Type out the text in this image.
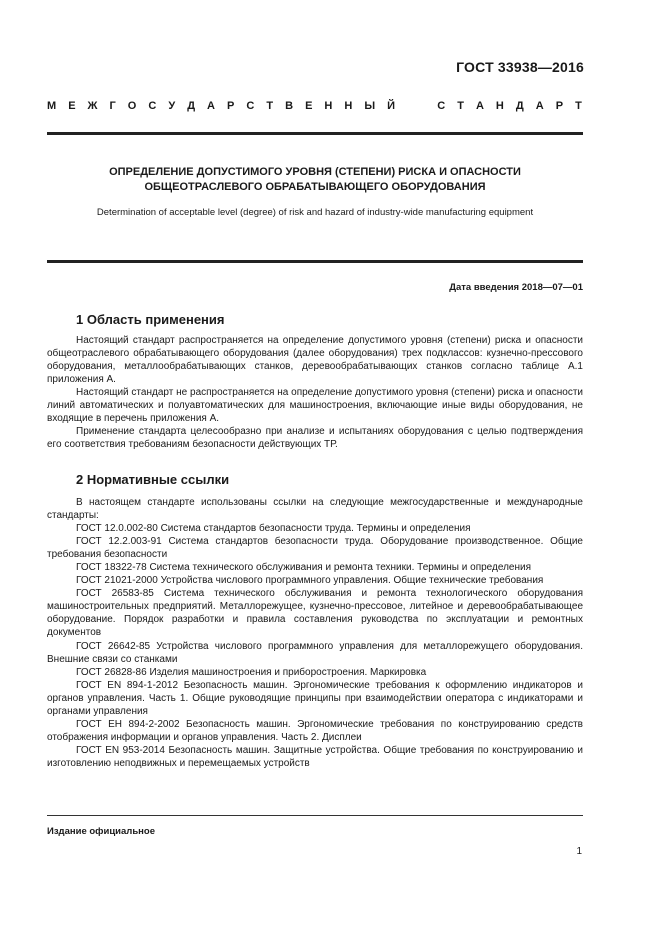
ГОСТ 33938—2016
М Е Ж Г О С У Д А Р С Т В Е Н Н Ы Й

	С Т А Н Д А Р Т
ОПРЕДЕЛЕНИЕ ДОПУСТИМОГО УРОВНЯ (СТЕПЕНИ) РИСКА И ОПАСНОСТИ
ОБЩЕОТРАСЛЕВОГО ОБРАБАТЫВАЮЩЕГО ОБОРУДОВАНИЯ
Determination of acceptable level (degree) of risk and hazard of industry-wide manufacturing equipment
Дата введения 2018—07—01
1 Область применения

Настоящий стандарт распространяется на определение допустимого уровня (степени) риска и опасности общеотраслевого обрабатывающего оборудования (далее оборудования) трех подклассов: кузнечно-прессового оборудования, металлообрабатывающих станков, деревообрабатывающих станков согласно таблице А.1 приложения А.

Настоящий стандарт не распространяется на определение допустимого уровня (степени) риска и опасности линий автоматических и полуавтоматических для машиностроения, включающие иные виды оборудования, не входящие в перечень приложения А.

Применение стандарта целесообразно при анализе и испытаниях оборудования с целью подтверждения его соответствия требованиям безопасности действующих ТР.

2 Нормативные ссылки

В настоящем стандарте использованы ссылки на следующие межгосударственные и международные стандарты:

ГОСТ 12.0.002-80 Система стандартов безопасности труда. Термины и определения

ГОСТ 12.2.003-91 Система стандартов безопасности труда. Оборудование производственное. Общие требования безопасности

ГОСТ 18322-78 Система технического обслуживания и ремонта техники. Термины и определения

ГОСТ 21021-2000 Устройства числового программного управления. Общие технические требования

ГОСТ 26583-85 Система технического обслуживания и ремонта технологического оборудования машиностроительных предприятий. Металлорежущее, кузнечно-прессовое, литейное и деревообрабатывающее оборудование. Порядок разработки и правила составления руководства по эксплуатации и ремонтных документов

ГОСТ 26642-85 Устройства числового программного управления для металлорежущего оборудования. Внешние связи со станками

ГОСТ 26828-86 Изделия машиностроения и приборостроения. Маркировка

ГОСТ EN 894-1-2012 Безопасность машин. Эргономические требования к оформлению индикаторов и органов управления. Часть 1. Общие руководящие принципы при взаимодействии оператора с индикаторами и органами управления

ГОСТ ЕН 894-2-2002 Безопасность машин. Эргономические требования по конструированию средств отображения информации и органов управления. Часть 2. Дисплеи

ГОСТ EN 953-2014 Безопасность машин. Защитные устройства. Общие требования по конструированию и изготовлению неподвижных и перемещаемых устройств

Издание официальное
1
